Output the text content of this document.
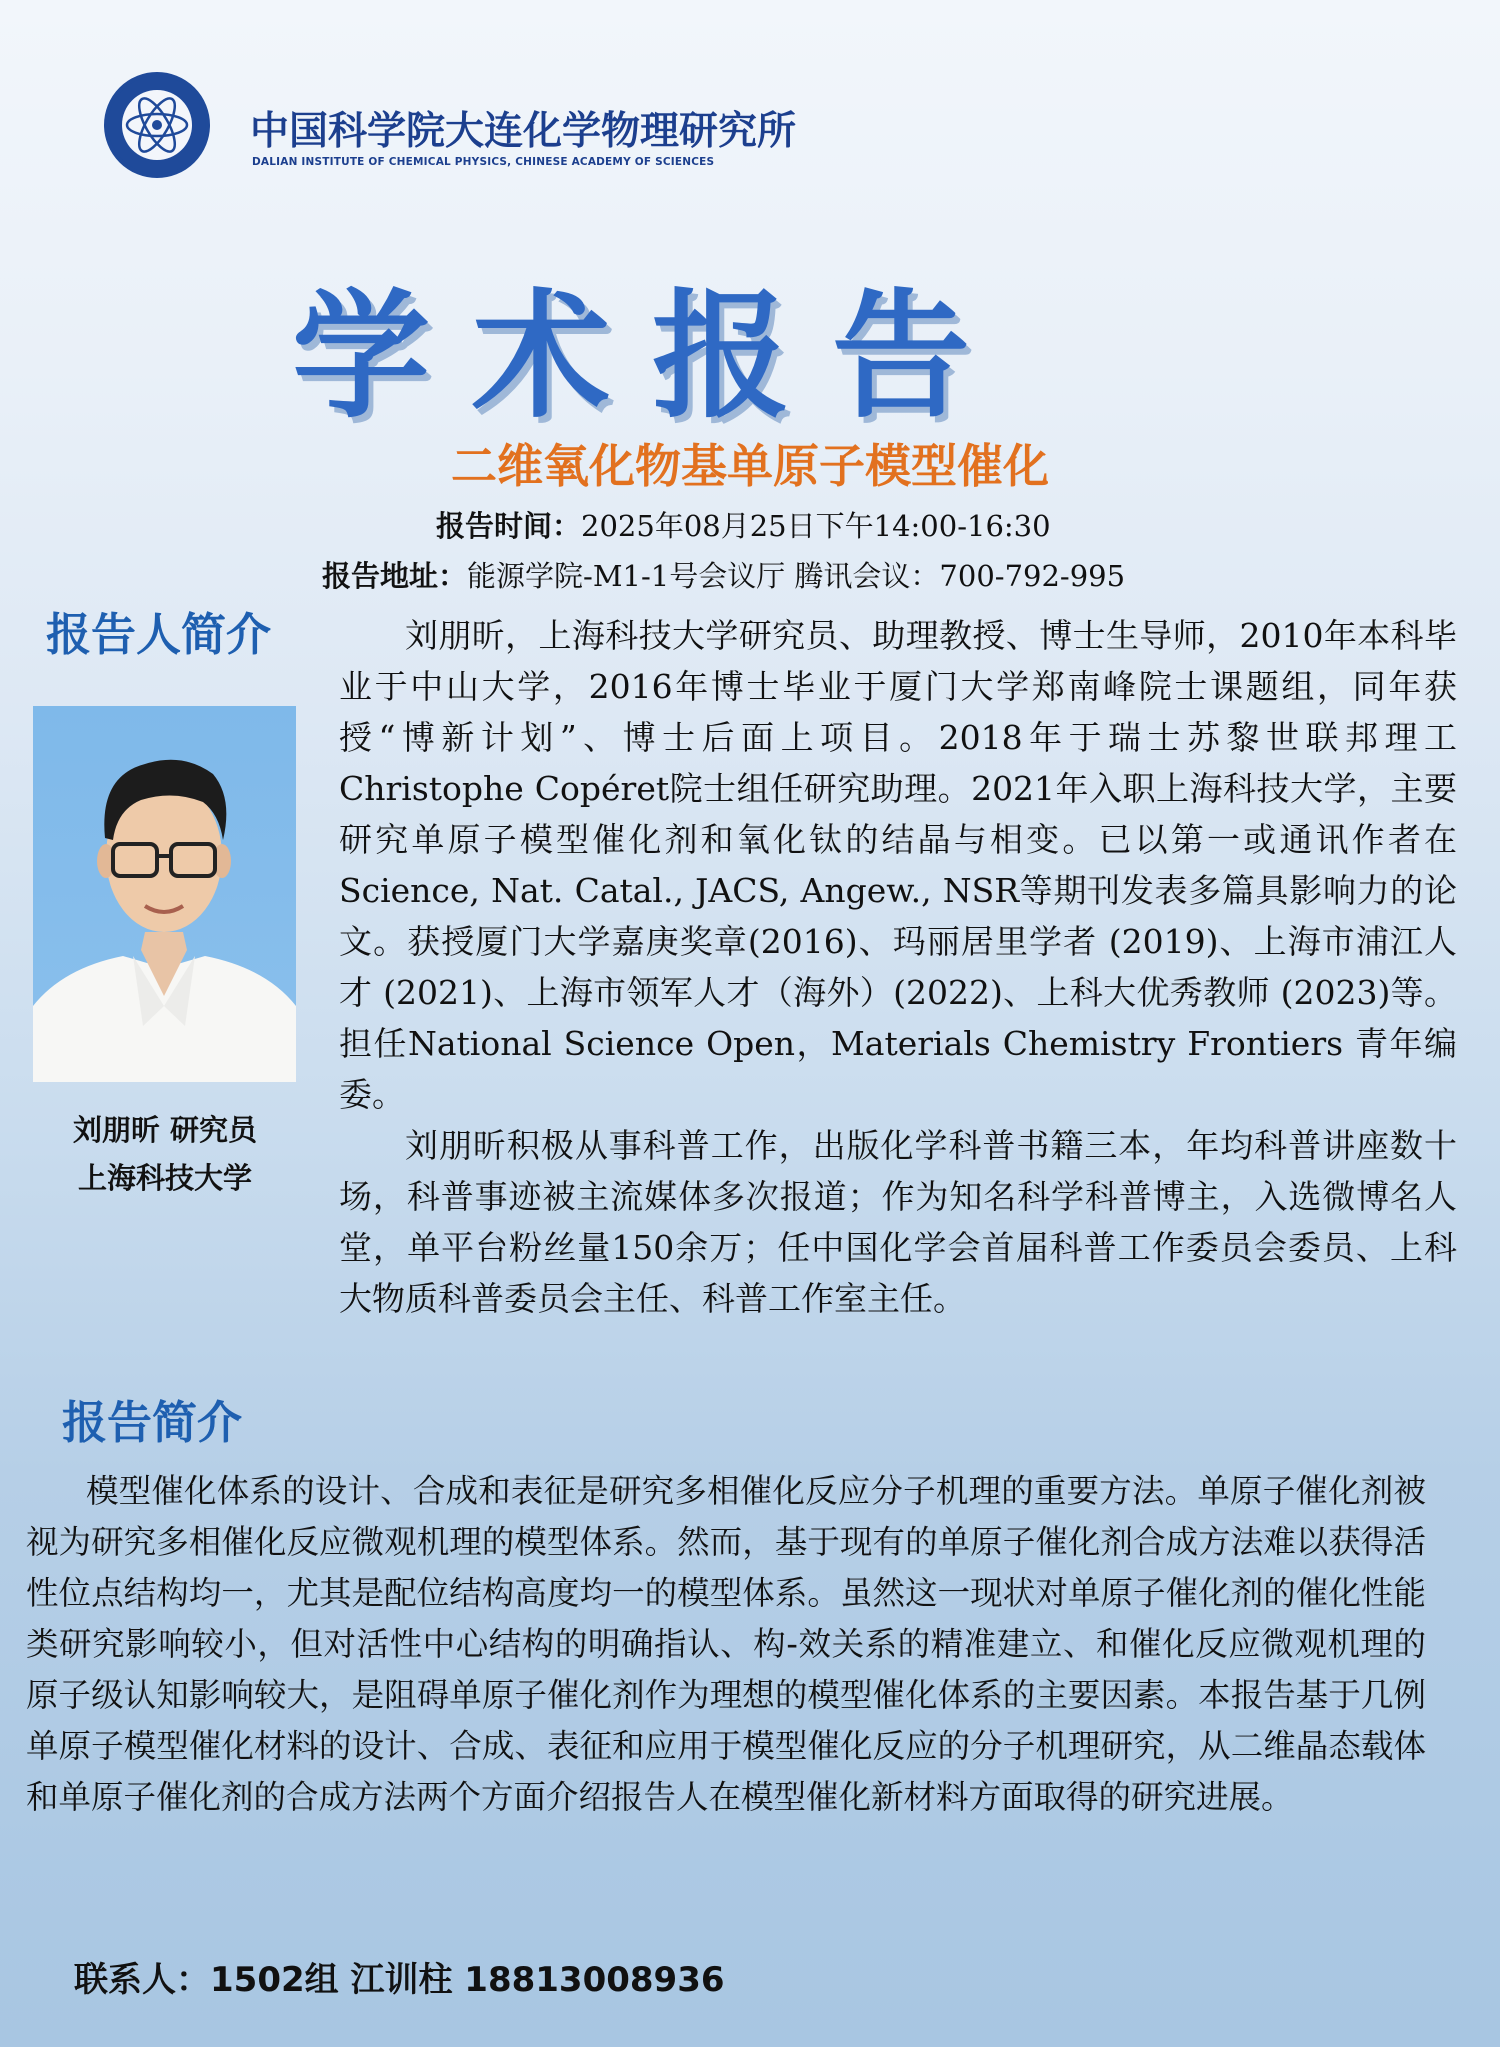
中国科学院大连化学物理研究所
DALIAN INSTITUTE OF CHEMICAL PHYSICS, CHINESE ACADEMY OF SCIENCES
学术报告
二维氧化物基单原子模型催化
报告时间：2025年08月25日下午14:00-16:30
报告地址：能源学院-M1-1号会议厅 腾讯会议：700-792-995
报告人简介
刘朋昕 研究员
上海科技大学

刘朋昕，上海科技大学研究员、助理教授、博士生导师，2010年本科毕业于中山大学，2016年博士毕业于厦门大学郑南峰院士课题组，同年获授“博新计划”、博士后面上项目。2018年于瑞士苏黎世联邦理工Christophe Copéret院士组任研究助理。2021年入职上海科技大学，主要研究单原子模型催化剂和氧化钛的结晶与相变。已以第一或通讯作者在Science, Nat. Catal., JACS, Angew., NSR等期刊发表多篇具影响力的论文。获授厦门大学嘉庚奖章(2016)、玛丽居里学者 (2019)、上海市浦江人才 (2021)、上海市领军人才（海外）(2022)、上科大优秀教师 (2023)等。担任National Science Open，Materials Chemistry Frontiers 青年编委。

刘朋昕积极从事科普工作，出版化学科普书籍三本，年均科普讲座数十场，科普事迹被主流媒体多次报道；作为知名科学科普博主，入选微博名人堂，单平台粉丝量150余万；任中国化学会首届科普工作委员会委员、上科大物质科普委员会主任、科普工作室主任。

报告简介

模型催化体系的设计、合成和表征是研究多相催化反应分子机理的重要方法。单原子催化剂被视为研究多相催化反应微观机理的模型体系。然而，基于现有的单原子催化剂合成方法难以获得活性位点结构均一，尤其是配位结构高度均一的模型体系。虽然这一现状对单原子催化剂的催化性能类研究影响较小，但对活性中心结构的明确指认、构-效关系的精准建立、和催化反应微观机理的原子级认知影响较大，是阻碍单原子催化剂作为理想的模型催化体系的主要因素。本报告基于几例单原子模型催化材料的设计、合成、表征和应用于模型催化反应的分子机理研究，从二维晶态载体和单原子催化剂的合成方法两个方面介绍报告人在模型催化新材料方面取得的研究进展。

联系人：1502组 江训柱 18813008936
